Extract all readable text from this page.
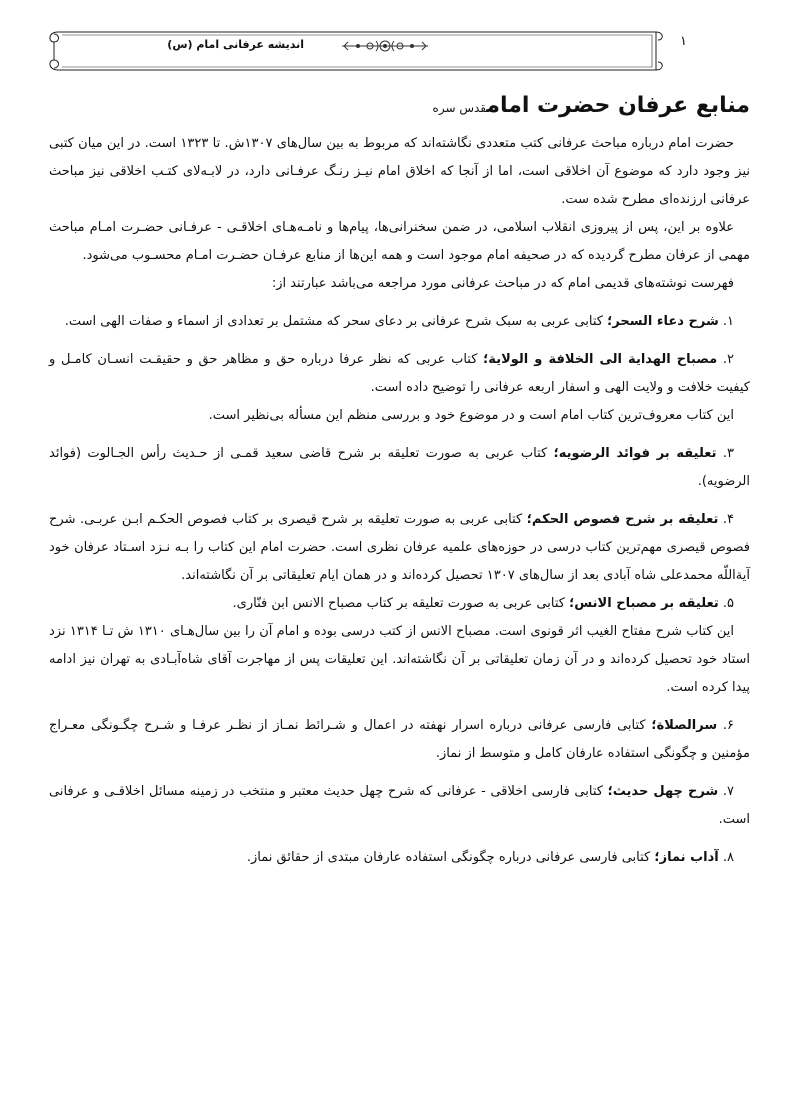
اندیشه عرفانی امام (س)	۱
منابع عرفان حضرت امامقدس سره

حضرت امام درباره مباحث عرفانی کتب متعددی نگاشته‌اند که مربوط به بین سال‌های ۱۳۰۷ش. تا ۱۳۲۳ است. در این میان کتبی نیز وجود دارد که موضوع آن اخلاقی است، اما از آنجا که اخلاق امام نیـز رنـگ عرفـانی دارد، در لابـه‌لای کتـب اخلاقی نیز مباحث عرفانی ارزنده‌ای مطرح شده ست.

علاوه بر این، پس از پیروزی انقلاب اسلامی، در ضمن سخنرانی‌ها، پیام‌ها و نامـه‌هـای اخلاقـی - عرفـانی حضـرت امـام مباحث مهمی از عرفان مطرح گردیده که در صحیفه امام موجود است و همه این‌ها از منابع عرفـان حضـرت امـام محسـوب می‌شود.

فهرست نوشته‌های قدیمی امام که در مباحث عرفانی مورد مراجعه می‌باشد عبارتند از:

۱. شرح دعاء السحر؛ کتابی عربی به سبک شرح عرفانی بر دعای سحر که مشتمل بر تعدادی از اسماء و صفات الهی است.

۲. مصباح الهدایة الی الخلافة و الولایة؛ کتاب عربی که نظر عرفا درباره حق و مظاهر حق و حقیقـت انسـان کامـل و کیفیت خلافت و ولایت الهی و اسفار اربعه عرفانی را توضیح داده است.

این کتاب معروف‌ترین کتاب امام است و در موضوع خود و بررسی منظم این مسأله بی‌نظیر است.

۳. تعلیقه بر فوائد الرضویه؛ کتاب عربی به صورت تعلیقه بر شرح قاضی سعید قمـی از حـدیث رأس الجـالوت (فوائد الرضویه).

۴. تعلیقه بر شرح فصوص الحکم؛ کتابی عربی به صورت تعلیقه بر شرح قیصری بر کتاب فصوص الحکـم ابـن عربـی. شرح فصوص قیصری مهم‌ترین کتاب درسی در حوزه‌های علمیه عرفان نظری است. حضرت امام این کتاب را بـه نـزد اسـتاد عرفان خود آیةاللّه محمدعلی شاه آبادی بعد از سال‌های ۱۳۰۷ تحصیل کرده‌اند و در همان ایام تعلیقاتی بر آن نگاشته‌اند.

۵. تعلیقه بر مصباح الانس؛ کتابی عربی به صورت تعلیقه بر کتاب مصباح الانس ابن فنّاری.

این کتاب شرح مفتاح الغیب اثر قونوی است. مصباح الانس از کتب درسی بوده و امام آن را بین سال‌هـای ۱۳۱۰ ش تـا ۱۳۱۴ نزد استاد خود تحصیل کرده‌اند و در آن زمان تعلیقاتی بر آن نگاشته‌اند. این تعلیقات پس از مهاجرت آقای شاه‌آبـادی به تهران نیز ادامه پیدا کرده است.

۶. سرالصلاة؛ کتابی فارسی عرفانی درباره اسرار نهفته در اعمال و شـرائط نمـاز از نظـر عرفـا و شـرح چگـونگی معـراج مؤمنین و چگونگی استفاده عارفان کامل و متوسط از نماز.

۷. شرح چهل حدیث؛ کتابی فارسی اخلاقی - عرفانی که شرح چهل حدیث معتبر و منتخب در زمینه مسائل اخلاقـی و عرفانی است.

۸. آداب نماز؛ کتابی فارسی عرفانی درباره چگونگی استفاده عارفان مبتدی از حقائق نماز.
